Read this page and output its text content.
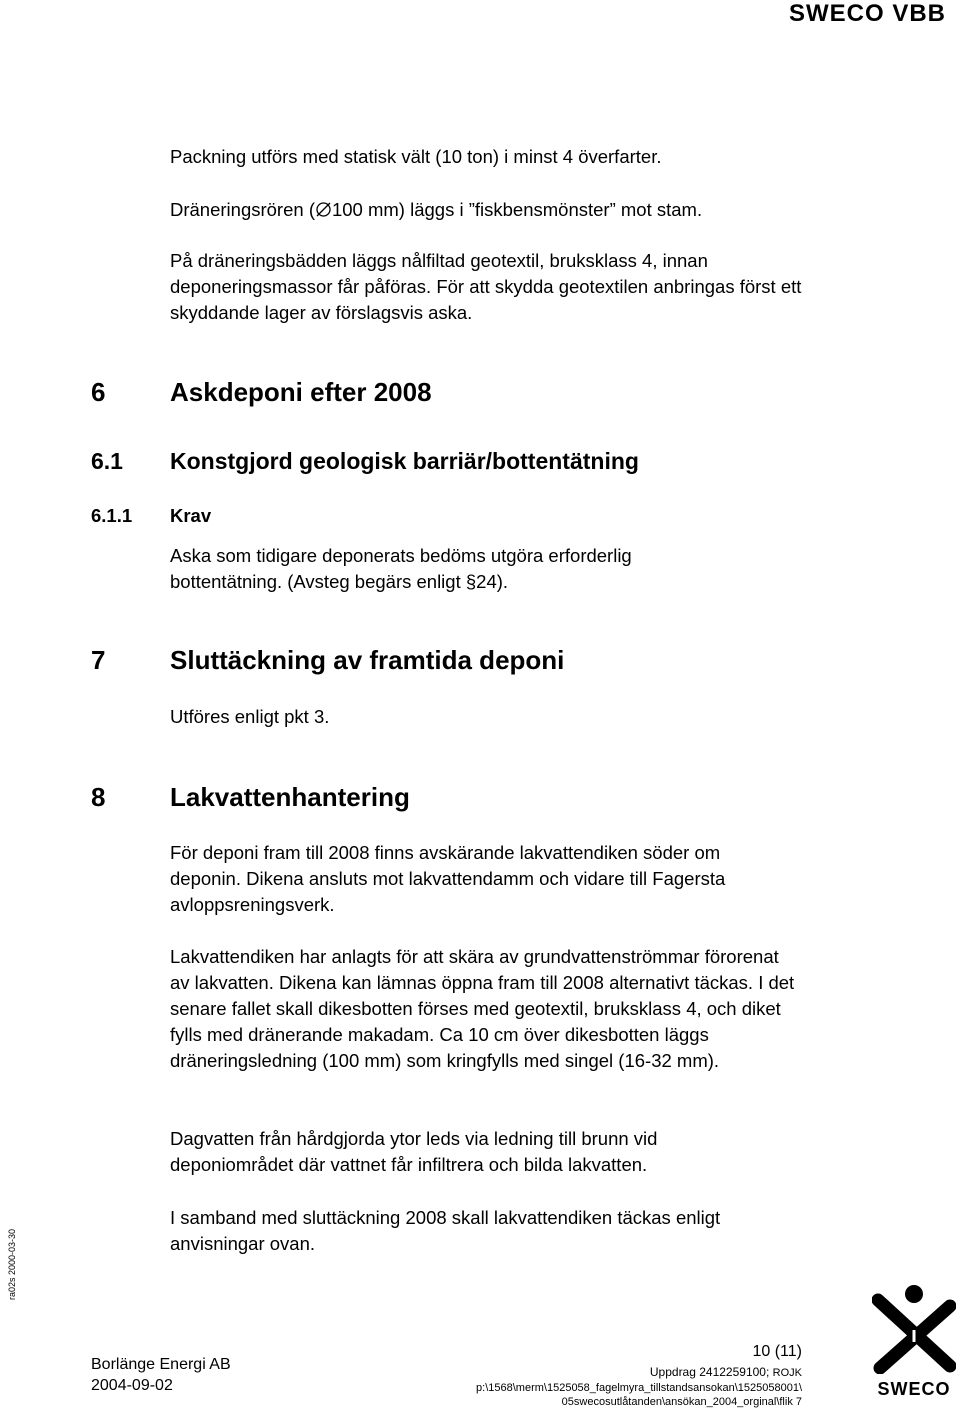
SWECO VBB

Packning utförs med statisk vält (10 ton) i minst 4 överfarter.

Dräneringsrören ( 100 mm) läggs i ”fiskbensmönster” mot stam.

På dräneringsbädden läggs nålfiltad geotextil, bruksklass 4, innan deponeringsmassor får påföras. För att skydda geotextilen anbringas först ett skyddande lager av förslagsvis aska.

6 Askdeponi efter 2008
6.1 Konstgjord geologisk barriär/bottentätning
6.1.1 Krav

Aska som tidigare deponerats bedöms utgöra erforderlig bottentätning. (Avsteg begärs enligt §24).

7 Sluttäckning av framtida deponi

Utföres enligt pkt 3.

8 Lakvattenhantering

För deponi fram till 2008 finns avskärande lakvattendiken söder om deponin. Dikena ansluts mot lakvattendamm och vidare till Fagersta avloppsreningsverk.

Lakvattendiken har anlagts för att skära av grundvattenströmmar förorenat av lakvatten. Dikena kan lämnas öppna fram till 2008 alternativt täckas. I det senare fallet skall dikesbotten förses med geotextil, bruksklass 4, och diket fylls med dränerande makadam. Ca 10 cm över dikesbotten läggs dräneringsledning (100 mm) som kringfylls med singel (16-32 mm).

Dagvatten från hårdgjorda ytor leds via ledning till brunn vid deponiområdet där vattnet får infiltrera och bilda lakvatten.

I samband med sluttäckning 2008 skall lakvattendiken täckas enligt anvisningar ovan.

ra02s 2000-03-30
Borlänge Energi AB
2004-09-02
10 (11)
Uppdrag 2412259100; ROJK
p:\1568\merm\1525058_fagelmyra_tillstandsansokan\1525058001\
05swecosutlåtanden\ansökan_2004_orginal\flik 7
SWECO
